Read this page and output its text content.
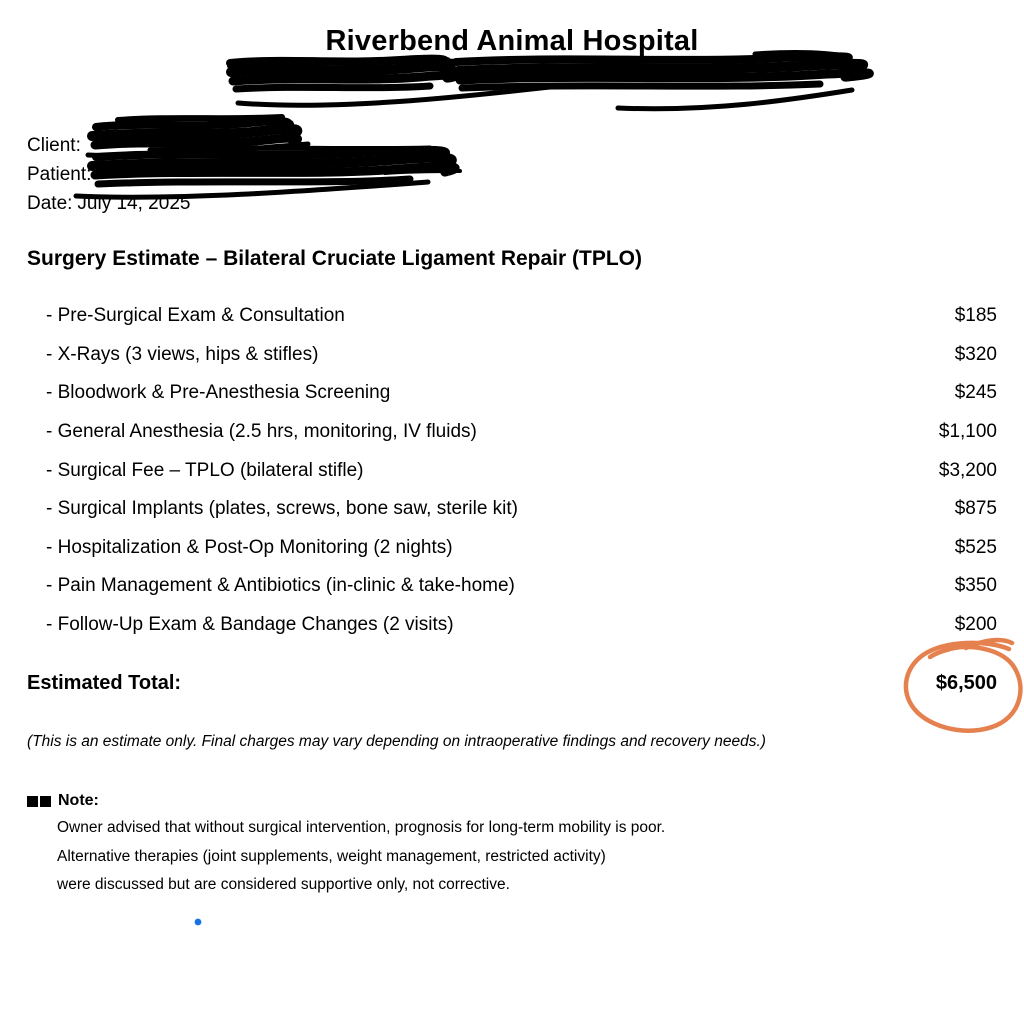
Riverbend Animal Hospital
Client:
Patient:
Date: July 14, 2025
Surgery Estimate – Bilateral Cruciate Ligament Repair (TPLO)
- Pre-Surgical Exam & Consultation	$185
- X-Rays (3 views, hips & stifles)	$320
- Bloodwork & Pre-Anesthesia Screening	$245
- General Anesthesia (2.5 hrs, monitoring, IV fluids)	$1,100
- Surgical Fee – TPLO (bilateral stifle)	$3,200
- Surgical Implants (plates, screws, bone saw, sterile kit)	$875
- Hospitalization & Post-Op Monitoring (2 nights)	$525
- Pain Management & Antibiotics (in-clinic & take-home)	$350
- Follow-Up Exam & Bandage Changes (2 visits)	$200
Estimated Total:	$6,500
(This is an estimate only. Final charges may vary depending on intraoperative findings and recovery needs.)
Note:
Owner advised that without surgical intervention, prognosis for long-term mobility is poor.
Alternative therapies (joint supplements, weight management, restricted activity)
were discussed but are considered supportive only, not corrective.
